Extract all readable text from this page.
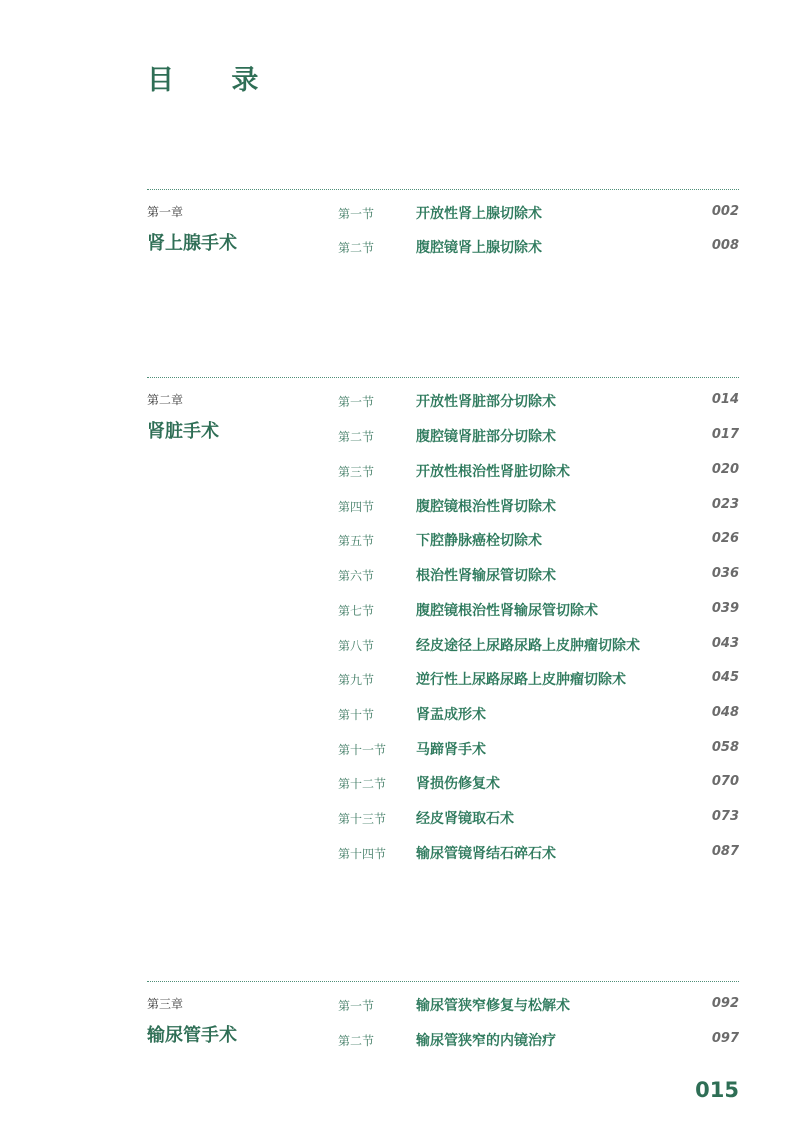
目 录
第一章
肾上腺手术
第一节	开放性肾上腺切除术	002
第二节	腹腔镜肾上腺切除术	008
第二章
肾脏手术
第一节	开放性肾脏部分切除术	014
第二节	腹腔镜肾脏部分切除术	017
第三节	开放性根治性肾脏切除术	020
第四节	腹腔镜根治性肾切除术	023
第五节	下腔静脉癌栓切除术	026
第六节	根治性肾输尿管切除术	036
第七节	腹腔镜根治性肾输尿管切除术	039
第八节	经皮途径上尿路尿路上皮肿瘤切除术	043
第九节	逆行性上尿路尿路上皮肿瘤切除术	045
第十节	肾盂成形术	048
第十一节 马蹄肾手术	058
第十二节 肾损伤修复术	070
第十三节 经皮肾镜取石术	073
第十四节 输尿管镜肾结石碎石术	087
第三章
输尿管手术
第一节	输尿管狭窄修复与松解术	092
第二节	输尿管狭窄的内镜治疗	097
015
